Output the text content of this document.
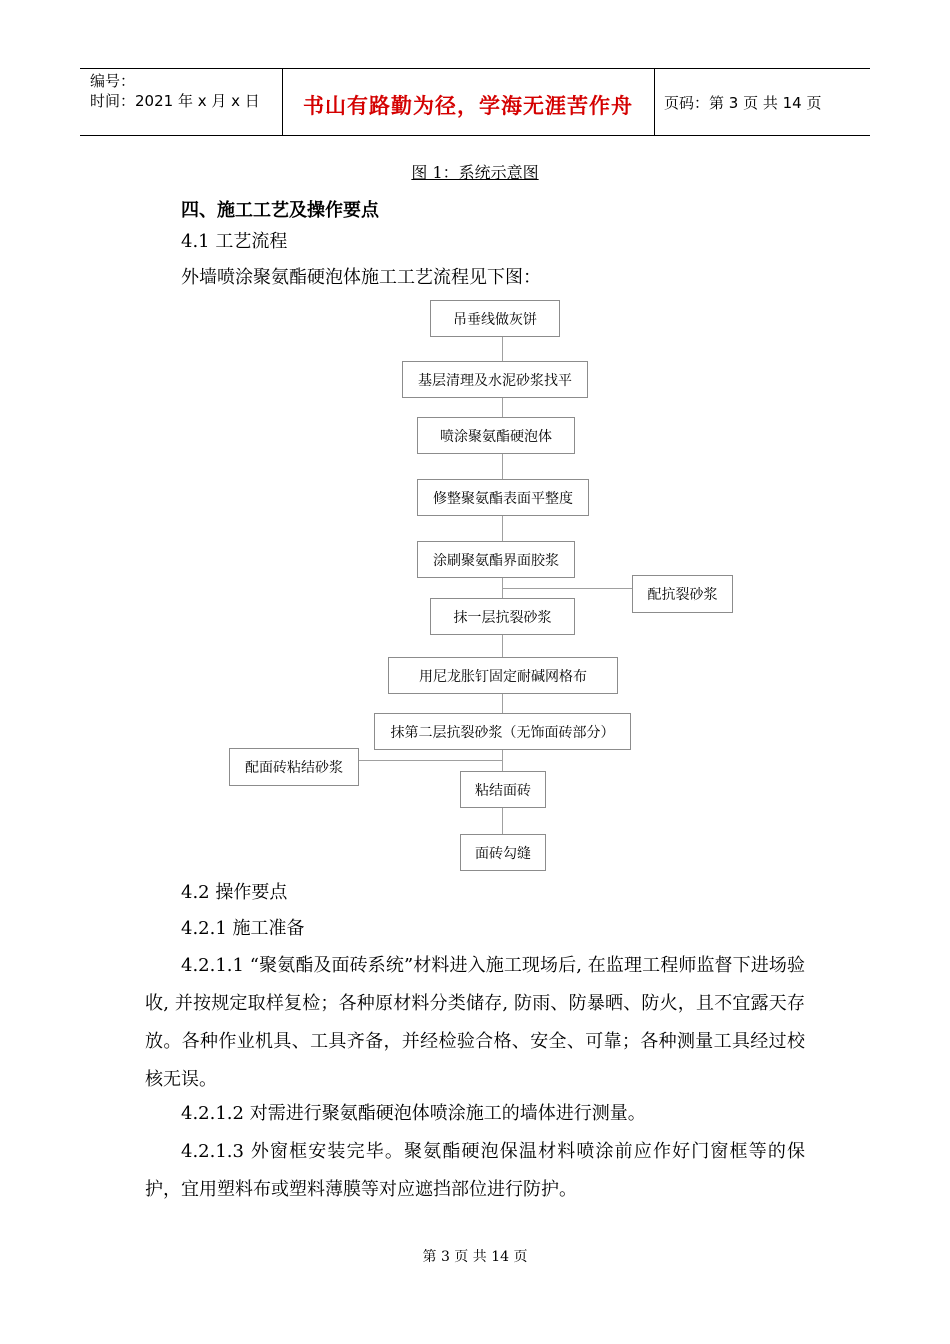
编号：
时间：2021 年 x 月 x 日	书山有路勤为径，学海无涯苦作舟	页码：第 3 页 共 14 页
图 1：系统示意图
四、施工工艺及操作要点
4.1 工艺流程
外墙喷涂聚氨酯硬泡体施工工艺流程见下图：
吊垂线做灰饼
基层清理及水泥砂浆找平
喷涂聚氨酯硬泡体
修整聚氨酯表面平整度
涂刷聚氨酯界面胶浆
抹一层抗裂砂浆
用尼龙胀钉固定耐碱网格布
抹第二层抗裂砂浆（无饰面砖部分）
粘结面砖
面砖勾缝
配抗裂砂浆
配面砖粘结砂浆
4.2 操作要点
4.2.1 施工准备
4.2.1.1 “聚氨酯及面砖系统”材料进入施工现场后, 在监理工程师监督下进场验收, 并按规定取样复检；各种原材料分类储存, 防雨、防暴晒、防火，且不宜露天存放。各种作业机具、工具齐备，并经检验合格、安全、可靠；各种测量工具经过校核无误。
4.2.1.2 对需进行聚氨酯硬泡体喷涂施工的墙体进行测量。
4.2.1.3 外窗框安装完毕。聚氨酯硬泡保温材料喷涂前应作好门窗框等的保护，宜用塑料布或塑料薄膜等对应遮挡部位进行防护。
第 3 页 共 14 页
